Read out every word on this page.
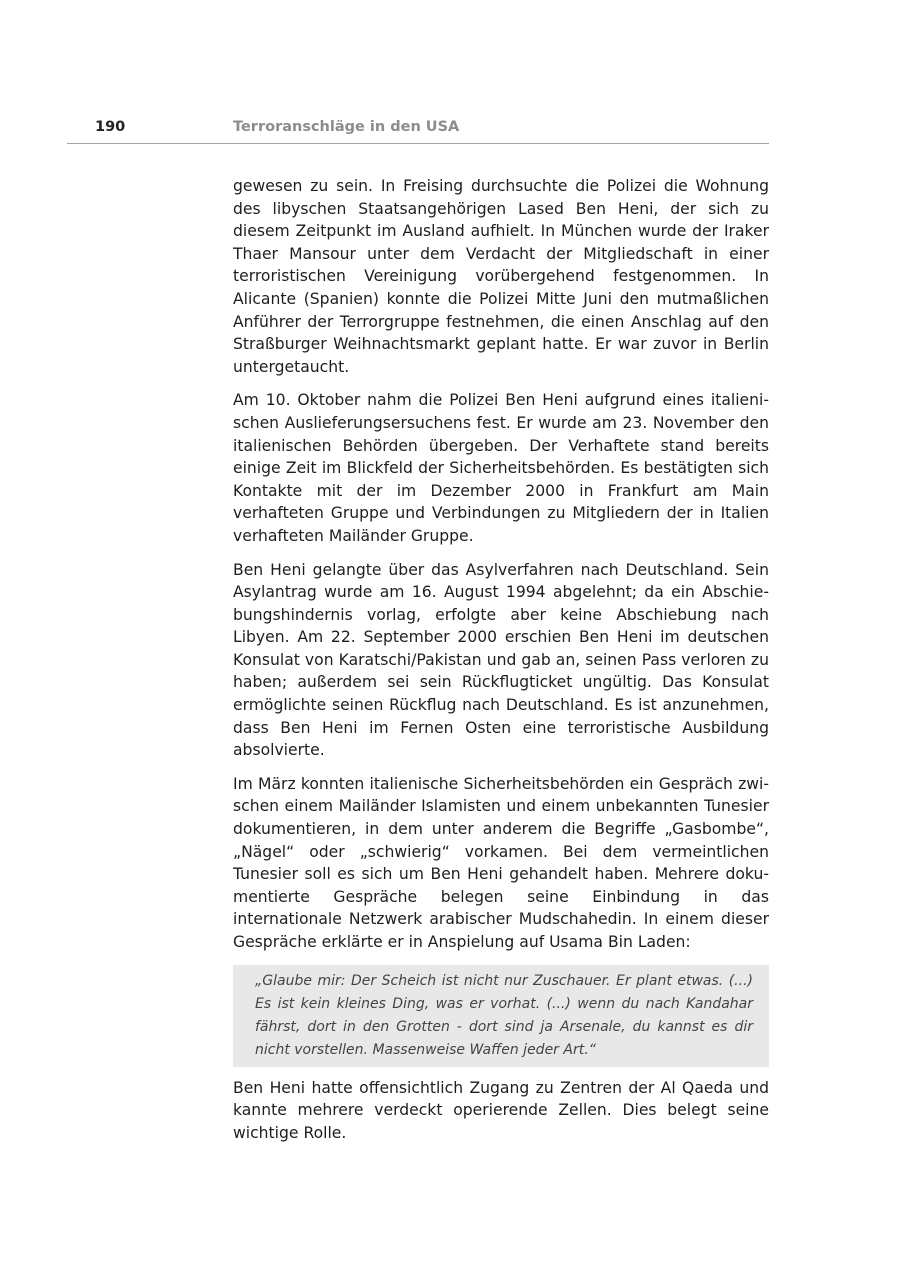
190	Terroranschläge in den USA

gewesen zu sein. In Freising durchsuchte die Polizei die Wohnung des libyschen Staatsangehörigen Lased Ben Heni, der sich zu diesem Zeitpunkt im Ausland aufhielt. In München wurde der Iraker Thaer Mansour unter dem Verdacht der Mitgliedschaft in einer terroristischen Vereinigung vorübergehend festgenommen. In Alicante (Spanien) konnte die Polizei Mitte Juni den mutmaßlichen Anführer der Terrorgruppe festnehmen, die einen Anschlag auf den Straßburger Weihnachtsmarkt geplant hatte. Er war zuvor in Berlin untergetaucht.

Am 10. Oktober nahm die Polizei Ben Heni aufgrund eines italienischen Auslieferungsersuchens fest. Er wurde am 23. November den italienischen Behörden übergeben. Der Verhaftete stand bereits einige Zeit im Blickfeld der Sicherheitsbehörden. Es bestätigten sich Kontakte mit der im Dezember 2000 in Frankfurt am Main verhafteten Gruppe und Verbindungen zu Mitgliedern der in Italien verhafteten Mailänder Gruppe.

Ben Heni gelangte über das Asylverfahren nach Deutschland. Sein Asylantrag wurde am 16. August 1994 abgelehnt; da ein Abschiebungshindernis vorlag, erfolgte aber keine Abschiebung nach Libyen. Am 22. September 2000 erschien Ben Heni im deutschen Konsulat von Karatschi/Pakistan und gab an, seinen Pass verloren zu haben; außerdem sei sein Rückflugticket ungültig. Das Konsulat ermöglichte seinen Rückflug nach Deutschland. Es ist anzunehmen, dass Ben Heni im Fernen Osten eine terroristische Ausbildung absolvierte.

Im März konnten italienische Sicherheitsbehörden ein Gespräch zwischen einem Mailänder Islamisten und einem unbekannten Tunesier dokumentieren, in dem unter anderem die Begriffe „Gasbombe“, „Nägel“ oder „schwierig“ vorkamen. Bei dem vermeintlichen Tunesier soll es sich um Ben Heni gehandelt haben. Mehrere dokumentierte Gespräche belegen seine Einbindung in das internationale Netzwerk arabischer Mudschahedin. In einem dieser Gespräche erklärte er in Anspielung auf Usama Bin Laden:

„Glaube mir: Der Scheich ist nicht nur Zuschauer. Er plant etwas. (...) Es ist kein kleines Ding, was er vorhat. (...) wenn du nach Kandahar fährst, dort in den Grotten - dort sind ja Arsenale, du kannst es dir nicht vorstellen. Massenweise Waffen jeder Art.“

Ben Heni hatte offensichtlich Zugang zu Zentren der Al Qaeda und kannte mehrere verdeckt operierende Zellen. Dies belegt seine wichtige Rolle.
